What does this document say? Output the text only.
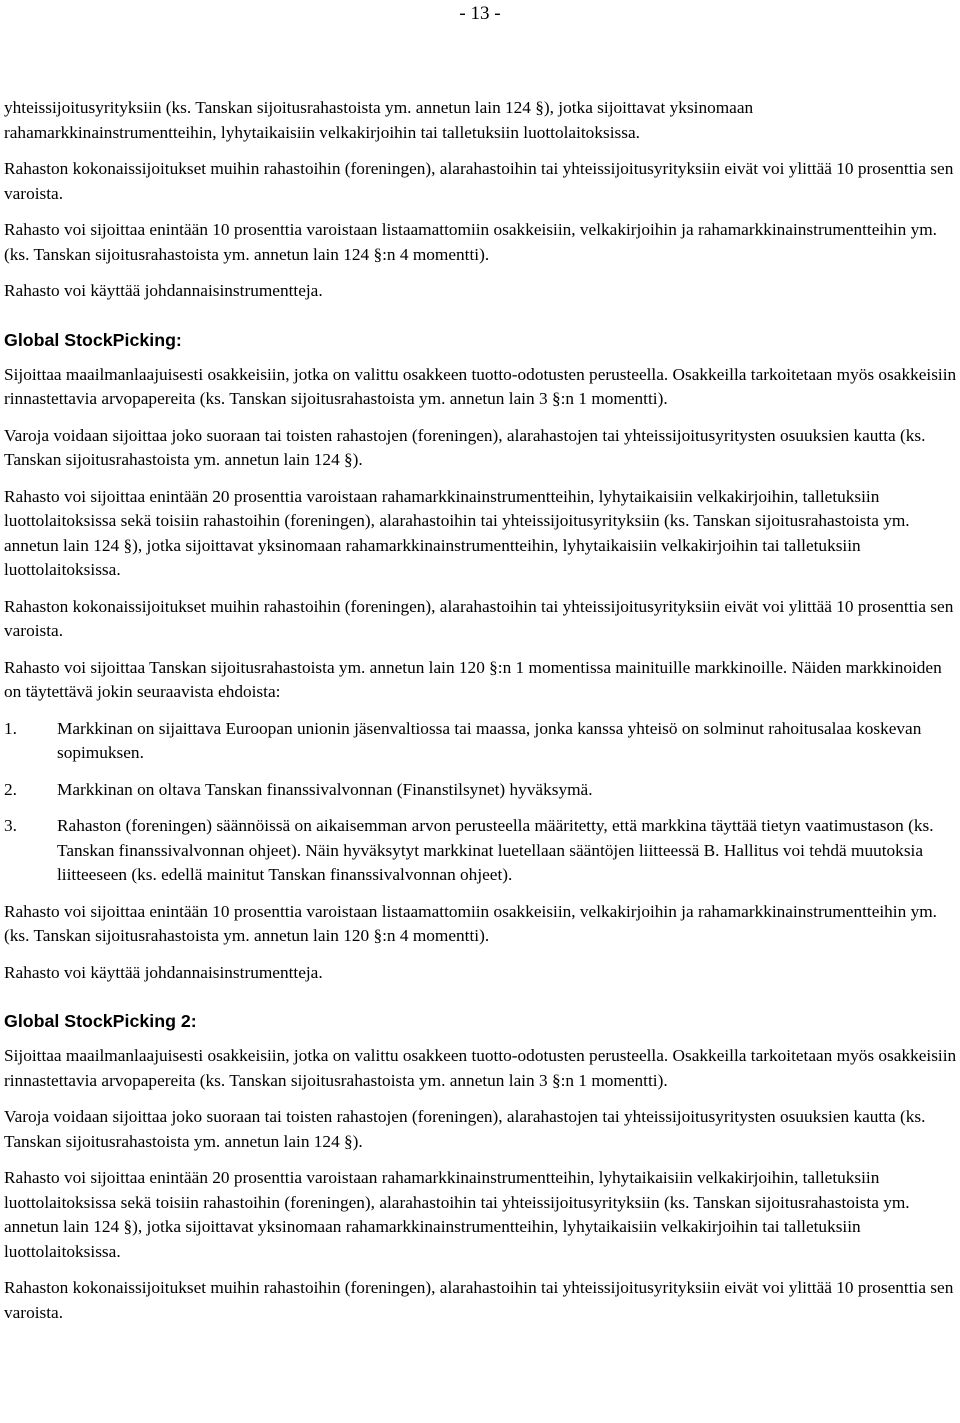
- 13 -

yhteissijoitusyrityksiin (ks. Tanskan sijoitusrahastoista ym. annetun lain 124 §), jotka sijoittavat yksinomaan rahamarkkinainstrumentteihin, lyhytaikaisiin velkakirjoihin tai talletuksiin luottolaitoksissa.

Rahaston kokonaissijoitukset muihin rahastoihin (foreningen), alarahastoihin tai yhteissijoitusyrityksiin eivät voi ylittää 10 prosenttia sen varoista.

Rahasto voi sijoittaa enintään 10 prosenttia varoistaan listaamattomiin osakkeisiin, velkakirjoihin ja rahamarkkinainstrumentteihin ym. (ks. Tanskan sijoitusrahastoista ym. annetun lain 124 §:n 4 momentti).

Rahasto voi käyttää johdannaisinstrumentteja.

Global StockPicking:

Sijoittaa maailmanlaajuisesti osakkeisiin, jotka on valittu osakkeen tuotto-odotusten perusteella. Osakkeilla tarkoitetaan myös osakkeisiin rinnastettavia arvopapereita (ks. Tanskan sijoitusrahastoista ym. annetun lain 3 §:n 1 momentti).

Varoja voidaan sijoittaa joko suoraan tai toisten rahastojen (foreningen), alarahastojen tai yhteissijoitusyritysten osuuksien kautta (ks. Tanskan sijoitusrahastoista ym. annetun lain 124 §).

Rahasto voi sijoittaa enintään 20 prosenttia varoistaan rahamarkkinainstrumentteihin, lyhytaikaisiin velkakirjoihin, talletuksiin luottolaitoksissa sekä toisiin rahastoihin (foreningen), alarahastoihin tai yhteissijoitusyrityksiin (ks. Tanskan sijoitusrahastoista ym. annetun lain 124 §), jotka sijoittavat yksinomaan rahamarkkinainstrumentteihin, lyhytaikaisiin velkakirjoihin tai talletuksiin luottolaitoksissa.

Rahaston kokonaissijoitukset muihin rahastoihin (foreningen), alarahastoihin tai yhteissijoitusyrityksiin eivät voi ylittää 10 prosenttia sen varoista.

Rahasto voi sijoittaa Tanskan sijoitusrahastoista ym. annetun lain 120 §:n 1 momentissa mainituille markkinoille. Näiden markkinoiden on täytettävä jokin seuraavista ehdoista:

1.	Markkinan on sijaittava Euroopan unionin jäsenvaltiossa tai maassa, jonka kanssa yhteisö on solminut rahoitusalaa koskevan sopimuksen.
2.	Markkinan on oltava Tanskan finanssivalvonnan (Finanstilsynet) hyväksymä.
3.	Rahaston (foreningen) säännöissä on aikaisemman arvon perusteella määritetty, että markkina täyttää tietyn vaatimustason (ks. Tanskan finanssivalvonnan ohjeet). Näin hyväksytyt markkinat luetellaan sääntöjen liitteessä B. Hallitus voi tehdä muutoksia liitteeseen (ks. edellä mainitut Tanskan finanssivalvonnan ohjeet).

Rahasto voi sijoittaa enintään 10 prosenttia varoistaan listaamattomiin osakkeisiin, velkakirjoihin ja rahamarkkinainstrumentteihin ym. (ks. Tanskan sijoitusrahastoista ym. annetun lain 120 §:n 4 momentti).

Rahasto voi käyttää johdannaisinstrumentteja.

Global StockPicking 2:

Sijoittaa maailmanlaajuisesti osakkeisiin, jotka on valittu osakkeen tuotto-odotusten perusteella. Osakkeilla tarkoitetaan myös osakkeisiin rinnastettavia arvopapereita (ks. Tanskan sijoitusrahastoista ym. annetun lain 3 §:n 1 momentti).

Varoja voidaan sijoittaa joko suoraan tai toisten rahastojen (foreningen), alarahastojen tai yhteissijoitusyritysten osuuksien kautta (ks. Tanskan sijoitusrahastoista ym. annetun lain 124 §).

Rahasto voi sijoittaa enintään 20 prosenttia varoistaan rahamarkkinainstrumentteihin, lyhytaikaisiin velkakirjoihin, talletuksiin luottolaitoksissa sekä toisiin rahastoihin (foreningen), alarahastoihin tai yhteissijoitusyrityksiin (ks. Tanskan sijoitusrahastoista ym. annetun lain 124 §), jotka sijoittavat yksinomaan rahamarkkinainstrumentteihin, lyhytaikaisiin velkakirjoihin tai talletuksiin luottolaitoksissa.

Rahaston kokonaissijoitukset muihin rahastoihin (foreningen), alarahastoihin tai yhteissijoitusyrityksiin eivät voi ylittää 10 prosenttia sen varoista.
